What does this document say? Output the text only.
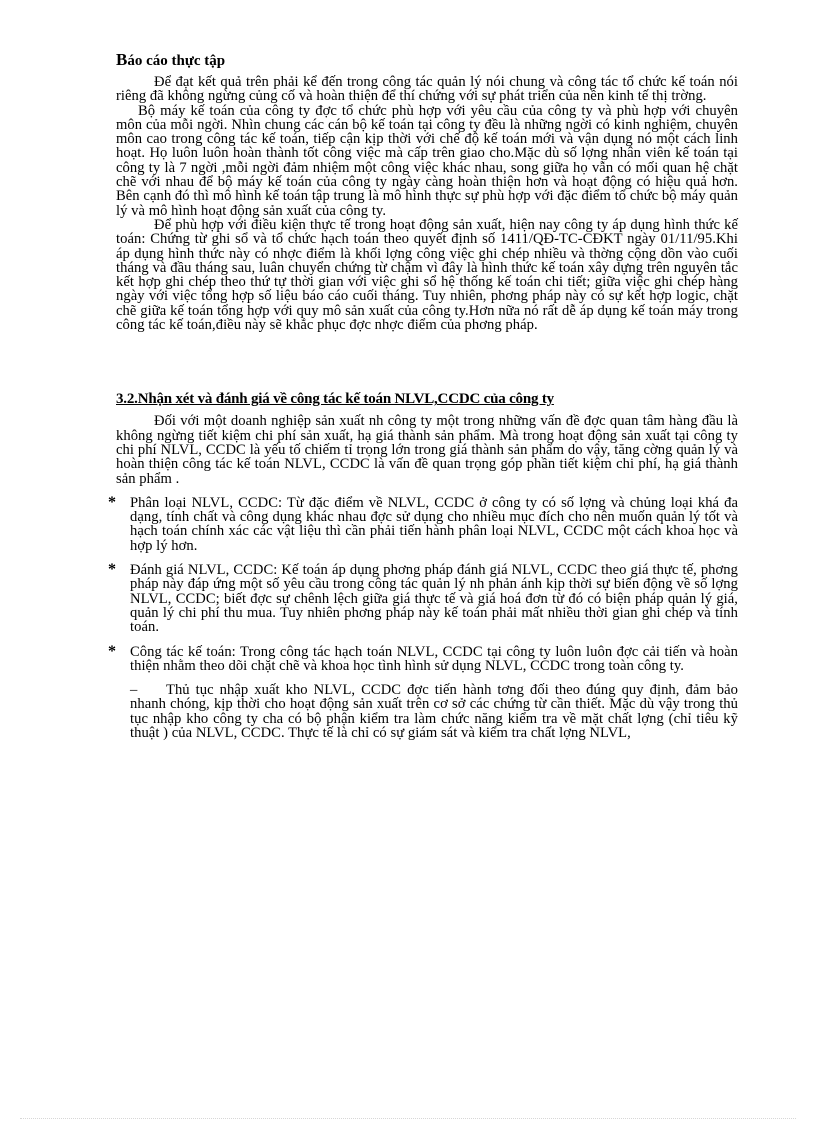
Báo cáo thực tập

Để đạt kết quả trên phải kể đến trong công tác quản lý nói chung và công tác tổ chức kế toán nói riêng đã không ngừng củng cố và hoàn thiện để thí chứng với sự phát triển của nền kinh tế thị trờng.

Bộ máy kế toán của công ty đợc tổ chức phù hợp với yêu cầu của công ty và phù hợp với chuyên môn của mỗi ngời. Nhìn chung các cán bộ kế toán tại công ty đều là những ngời có kinh nghiệm, chuyên môn cao trong công tác kế toán, tiếp cận kịp thời với chế độ kế toán mới và vận dụng nó một cách linh hoạt. Họ luôn luôn hoàn thành tốt công việc mà cấp trên giao cho.Mặc dù số lợng nhân viên kế toán tại công ty là 7 ngời ,mỗi ngời đảm nhiệm một công việc khác nhau, song giữa họ vẫn có mối quan hệ chặt chẽ với nhau để bộ máy kế toán của công ty ngày càng hoàn thiện hơn và hoạt động có hiệu quả hơn. Bên cạnh đó thì mô hình kế toán tập trung là mô hình thực sự phù hợp với đặc điểm tổ chức bộ máy quản lý và mô hình hoạt động sản xuất của công ty.

Để phù hợp với điều kiện thực tế trong hoạt động sản xuất, hiện nay công ty áp dụng hình thức kế toán: Chứng từ ghi sổ và tổ chức hạch toán theo quyết định số 1411/QĐ-TC-CĐKT ngày 01/11/95.Khi áp dụng hình thức này có nhợc điểm là khối lợng công việc ghi chép nhiều và thờng cộng dồn vào cuối tháng và đầu tháng sau, luân chuyển chứng từ chậm vì đây là hình thức kế toán xây dựng trên nguyên tắc kết hợp ghi chép theo thứ tự thời gian với việc ghi sổ hệ thống kế toán chi tiết; giữa việc ghi chép hàng ngày với việc tổng hợp số liệu báo cáo cuối tháng. Tuy nhiên, phơng pháp này có sự kết hợp logic, chặt chẽ giữa kế toán tổng hợp với quy mô sản xuất của công ty.Hơn nữa nó rất dễ áp dụng kế toán máy trong công tác kế toán,điều này sẽ khắc phục đợc nhợc điểm của phơng pháp.

3.2.Nhận xét và đánh giá về công tác kế toán NLVL,CCDC của công ty

Đối với một doanh nghiệp sản xuất nh công ty một trong những vấn đề đợc quan tâm hàng đầu là không ngừng tiết kiệm chi phí sản xuất, hạ giá thành sản phẩm. Mà trong hoạt động sản xuất tại công ty chi phí NLVL, CCDC là yếu tố chiếm tỉ trọng lớn trong giá thành sản phẩm do vậy, tăng cờng quản lý và hoàn thiện công tác kế toán NLVL, CCDC là vấn đề quan trọng góp phần tiết kiệm chi phí, hạ giá thành sản phẩm .

* Phân loại NLVL, CCDC: Từ đặc điểm về NLVL, CCDC ở công ty có số lợng và chủng loại khá đa dạng, tính chất và công dụng khác nhau đợc sử dụng cho nhiều mục đích cho nên muốn quản lý tốt và hạch toán chính xác các vật liệu thì cần phải tiến hành phân loại NLVL, CCDC một cách khoa học và hợp lý hơn.

* Đánh giá NLVL, CCDC: Kế toán áp dụng phơng pháp đánh giá NLVL, CCDC theo giá thực tế, phơng pháp này đáp ứng một số yêu cầu trong công tác quản lý nh phản ánh kịp thời sự biến động về số lợng NLVL, CCDC; biết đợc sự chênh lệch giữa giá thực tế và giá hoá đơn từ đó có biện pháp quản lý giá, quản lý chi phí thu mua. Tuy nhiên phơng pháp này kế toán phải mất nhiều thời gian ghi chép và tính toán.

* Công tác kế toán: Trong công tác hạch toán NLVL, CCDC tại công ty luôn luôn đợc cải tiến và hoàn thiện nhằm theo dõi chặt chẽ và khoa học tình hình sử dụng NLVL, CCDC trong toàn công ty.

– Thủ tục nhập xuất kho NLVL, CCDC đợc tiến hành tơng đối theo đúng quy định, đảm bảo nhanh chóng, kịp thời cho hoạt động sản xuất trên cơ sở các chứng từ cần thiết. Mặc dù vậy trong thủ tục nhập kho công ty cha có bộ phận kiểm tra làm chức năng kiểm tra về mặt chất lợng (chỉ tiêu kỹ thuật ) của NLVL, CCDC. Thực tế là chỉ có sự giám sát và kiểm tra chất lợng NLVL,
